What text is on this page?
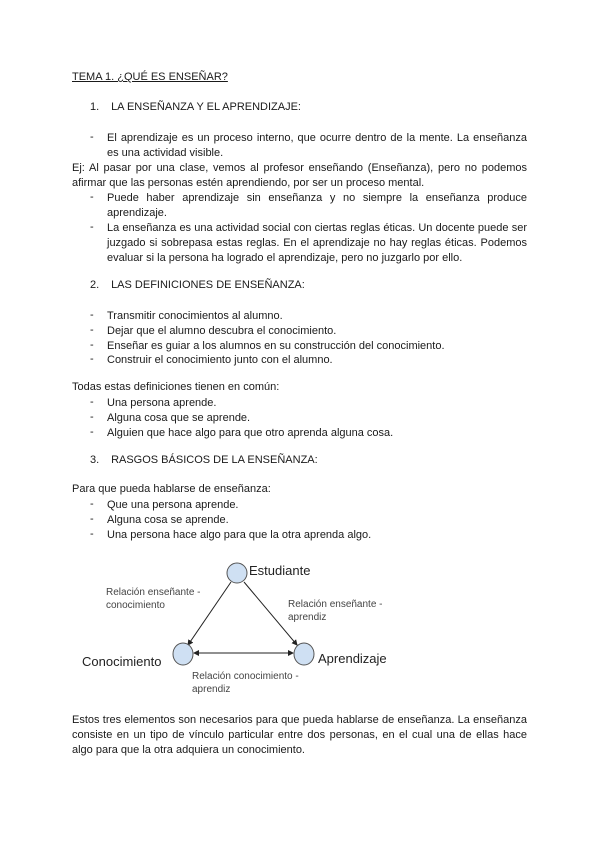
TEMA 1. ¿QUÉ ES ENSEÑAR?
1. LA ENSEÑANZA Y EL APRENDIZAJE:
- El aprendizaje es un proceso interno, que ocurre dentro de la mente. La enseñanza es una actividad visible.
Ej: Al pasar por una clase, vemos al profesor enseñando (Enseñanza), pero no podemos afirmar que las personas estén aprendiendo, por ser un proceso mental.
- Puede haber aprendizaje sin enseñanza y no siempre la enseñanza produce aprendizaje.
- La enseñanza es una actividad social con ciertas reglas éticas. Un docente puede ser juzgado si sobrepasa estas reglas. En el aprendizaje no hay reglas éticas. Podemos evaluar si la persona ha logrado el aprendizaje, pero no juzgarlo por ello.
2. LAS DEFINICIONES DE ENSEÑANZA:
- Transmitir conocimientos al alumno.
- Dejar que el alumno descubra el conocimiento.
- Enseñar es guiar a los alumnos en su construcción del conocimiento.
- Construir el conocimiento junto con el alumno.
Todas estas definiciones tienen en común:
- Una persona aprende.
- Alguna cosa que se aprende.
- Alguien que hace algo para que otro aprenda alguna cosa.
3. RASGOS BÁSICOS DE LA ENSEÑANZA:
Para que pueda hablarse de enseñanza:
- Que una persona aprende.
- Alguna cosa se aprende.
- Una persona hace algo para que la otra aprenda algo.
Estudiante
Conocimiento	Aprendizaje
Relación enseñante -
conocimiento	Relación enseñante -
aprendiz
Relación conocimiento -
aprendiz
Estos tres elementos son necesarios para que pueda hablarse de enseñanza. La enseñanza consiste en un tipo de vínculo particular entre dos personas, en el cual una de ellas hace algo para que la otra adquiera un conocimiento.
